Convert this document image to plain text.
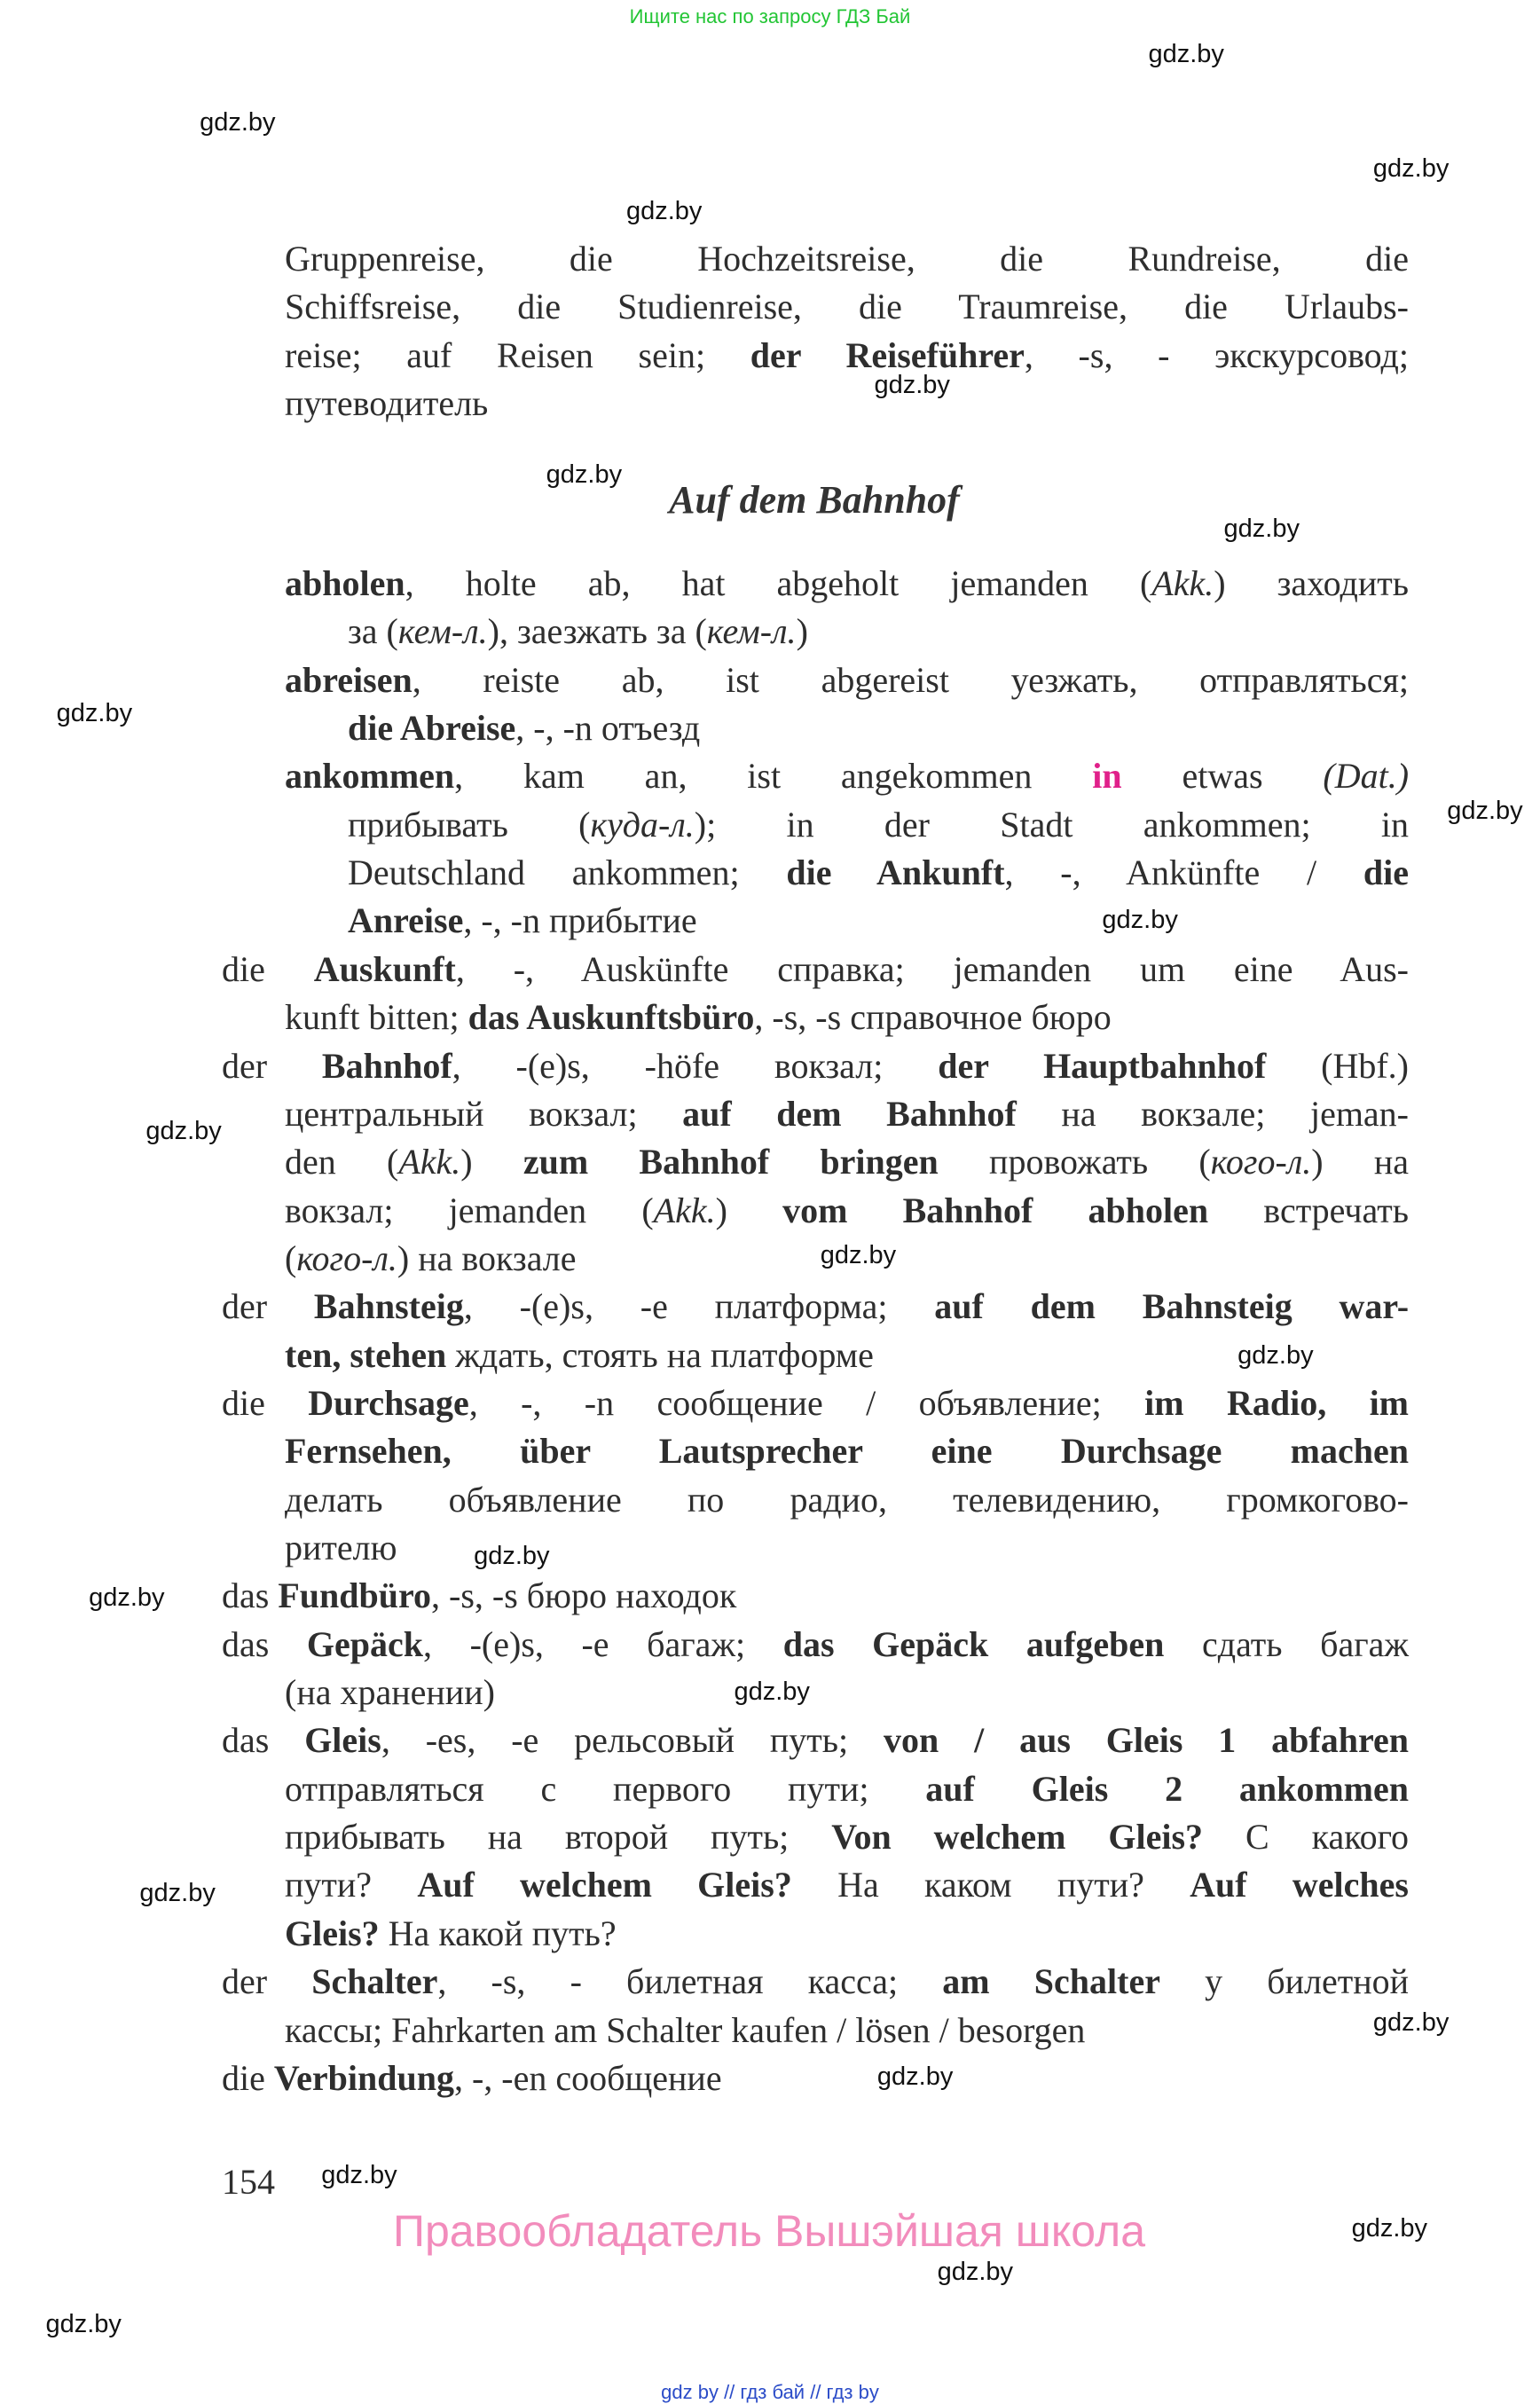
Ищите нас по запросу ГДЗ Бай
gdz.by
gdz.by
gdz.by
gdz.by
gdz.by
gdz.by
gdz.by
gdz.by
gdz.by
gdz.by
gdz.by
gdz.by
gdz.by
gdz.by
gdz.by
gdz.by
gdz.by
gdz.by
gdz.by
gdz.by
gdz.by
gdz.by
gdz.by
Gruppenreise, die Hochzeitsreise, die Rundreise, die
Schiffsreise, die Studienreise, die Traumreise, die Urlaubs-
reise; auf Reisen sein; der Reiseführer, -s, - экскурсовод;
путеводитель
abholen, holte ab, hat abgeholt jemanden (Akk.) заходить
за (кем-л.), заезжать за (кем-л.)
abreisen, reiste ab, ist abgereist уезжать, отправляться;
die Abreise, -, -n отъезд
ankommen, kam an, ist angekommen in etwas (Dat.)
прибывать (куда-л.); in der Stadt ankommen; in
Deutschland ankommen; die Ankunft, -, Ankünfte / die
Anreise, -, -n прибытие
die Auskunft, -, Auskünfte справка; jemanden um eine Aus-
kunft bitten; das Auskunftsbüro, -s, -s справочное бюро
der Bahnhof, -(e)s, -höfe вокзал; der Hauptbahnhof (Hbf.)
центральный вокзал; auf dem Bahnhof на вокзале; jeman-
den (Akk.) zum Bahnhof bringen провожать (кого-л.) на
вокзал; jemanden (Akk.) vom Bahnhof abholen встречать
(кого-л.) на вокзале
der Bahnsteig, -(e)s, -e платформа; auf dem Bahnsteig war-
ten, stehen ждать, стоять на платформе
die Durchsage, -, -n сообщение / объявление; im Radio, im
Fernsehen, über Lautsprecher eine Durchsage machen
делать объявление по радио, телевидению, громкогово-
рителю
das Fundbüro, -s, -s бюро находок
das Gepäck, -(e)s, -e багаж; das Gepäck aufgeben сдать багаж
(на хранении)
das Gleis, -es, -e рельсовый путь; von / aus Gleis 1 abfahren
отправляться с первого пути; auf Gleis 2 ankommen
прибывать на второй путь; Von welchem Gleis? С какого
пути? Auf welchem Gleis? На каком пути? Auf welches
Gleis? На какой путь?
der Schalter, -s, - билетная касса; am Schalter у билетной
кассы; Fahrkarten am Schalter kaufen / lösen / besorgen
die Verbindung, -, -en сообщение
Auf dem Bahnhof
154
Правообладатель Вышэйшая школа
gdz by // гдз бай // гдз by
